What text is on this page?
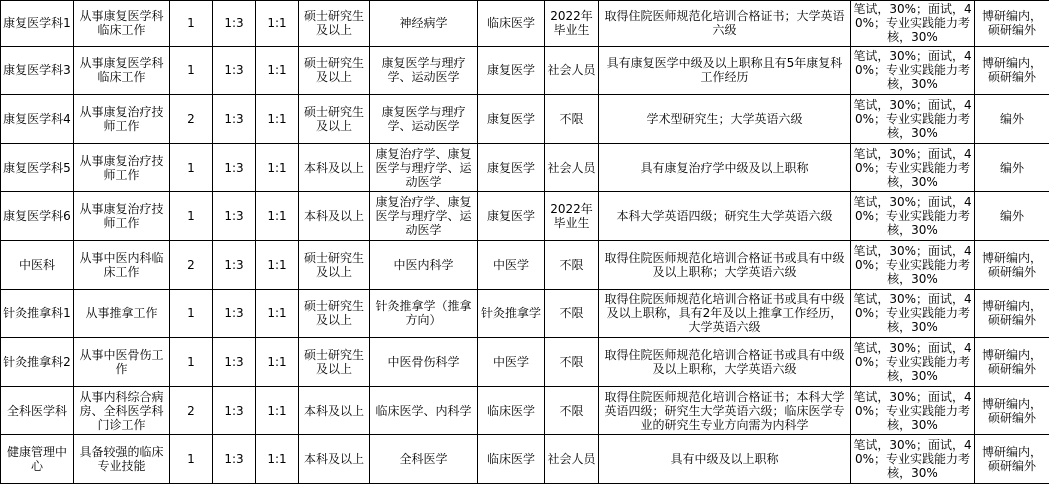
康复医学科1	从事康复医学科临床工作	1	1:3	1:1	硕士研究生及以上	神经病学	临床医学	2022年毕业生	取得住院医师规范化培训合格证书；大学英语六级	笔试，30%；面试，40%；专业实践能力考核，30%	博研编内，硕研编外
康复医学科3	从事康复医学科临床工作	1	1:3	1:1	硕士研究生及以上	康复医学与理疗学、运动医学	康复医学	社会人员	具有康复医学中级及以上职称且有5年康复科工作经历	笔试，30%；面试，40%；专业实践能力考核，30%	博研编内，硕研编外
康复医学科4	从事康复治疗技师工作	2	1:3	1:1	硕士研究生及以上	康复医学与理疗学、运动医学	康复医学	不限	学术型研究生；大学英语六级	笔试，30%；面试，40%；专业实践能力考核，30%	编外
康复医学科5	从事康复治疗技师工作	1	1:3	1:1	本科及以上	康复治疗学、康复医学与理疗学、运动医学	康复医学	社会人员	具有康复治疗学中级及以上职称	笔试，30%；面试，40%；专业实践能力考核，30%	编外
康复医学科6	从事康复治疗技师工作	1	1:3	1:1	本科及以上	康复治疗学、康复医学与理疗学、运动医学	康复医学	2022年毕业生	本科大学英语四级；研究生大学英语六级	笔试，30%；面试，40%；专业实践能力考核，30%	编外
中医科	从事中医内科临床工作	2	1:3	1:1	硕士研究生及以上	中医内科学	中医学	不限	取得住院医师规范化培训合格证书或具有中级及以上职称；大学英语六级	笔试，30%；面试，40%；专业实践能力考核，30%	博研编内，硕研编外
针灸推拿科1	从事推拿工作	1	1:3	1:1	硕士研究生及以上	针灸推拿学（推拿方向）	针灸推拿学	不限	取得住院医师规范化培训合格证书或具有中级及以上职称，具有2年及以上推拿工作经历，大学英语六级	笔试，30%；面试，40%；专业实践能力考核，30%	博研编内，硕研编外
针灸推拿科2	从事中医骨伤工作	1	1:3	1:1	硕士研究生及以上	中医骨伤科学	中医学	不限	取得住院医师规范化培训合格证书或具有中级及以上职称，大学英语六级	笔试，30%；面试，40%；专业实践能力考核，30%	博研编内，硕研编外
全科医学科	从事内科综合病房、全科医学科门诊工作	2	1:3	1:1	本科及以上	临床医学、内科学	临床医学	不限	取得住院医师规范化培训合格证书；本科大学英语四级；研究生大学英语六级；临床医学专业的研究生专业方向需为内科学	笔试，30%；面试，40%；专业实践能力考核，30%	博研编内，硕研编外
健康管理中心	具备较强的临床专业技能	1	1:3	1:1	本科及以上	全科医学	临床医学	社会人员	具有中级及以上职称	笔试，30%；面试，40%；专业实践能力考核，30%	博研编内，硕研编外
